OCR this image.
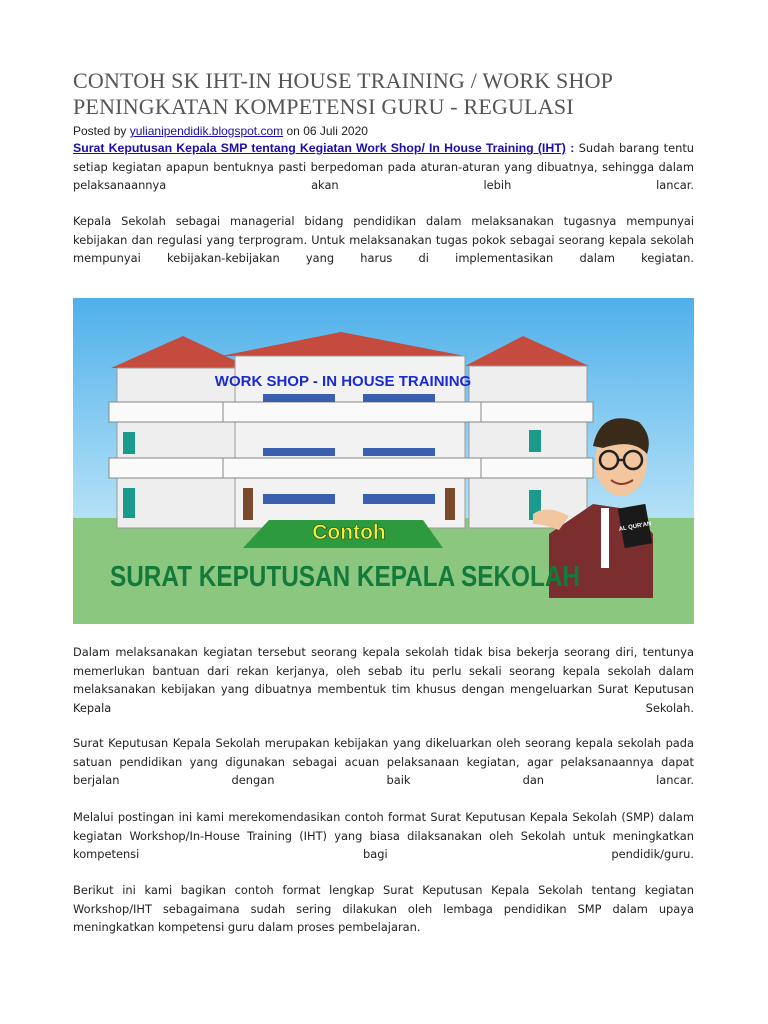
CONTOH SK IHT-IN HOUSE TRAINING / WORK SHOP PENINGKATAN KOMPETENSI GURU - REGULASI
Posted by yulianipendidik.blogspot.com on 06 Juli 2020

Surat Keputusan Kepala SMP tentang Kegiatan Work Shop/ In House Training (IHT) : Sudah barang tentu setiap kegiatan apapun bentuknya pasti berpedoman pada aturan-aturan yang dibuatnya, sehingga dalam pelaksanaannya akan lebih lancar.

Kepala Sekolah sebagai managerial bidang pendidikan dalam melaksanakan tugasnya mempunyai kebijakan dan regulasi yang terprogram. Untuk melaksanakan tugas pokok sebagai seorang kepala sekolah mempunyai kebijakan-kebijakan yang harus di implementasikan dalam kegiatan.

WORK SHOP - IN HOUSE TRAINING
AL QUR'AN
Contoh
SURAT KEPUTUSAN KEPALA SEKOLAH

Dalam melaksanakan kegiatan tersebut seorang kepala sekolah tidak bisa bekerja seorang diri, tentunya memerlukan bantuan dari rekan kerjanya, oleh sebab itu perlu sekali seorang kepala sekolah dalam melaksanakan kebijakan yang dibuatnya membentuk tim khusus dengan mengeluarkan Surat Keputusan Kepala Sekolah.

Surat Keputusan Kepala Sekolah merupakan kebijakan yang dikeluarkan oleh seorang kepala sekolah pada satuan pendidikan yang digunakan sebagai acuan pelaksanaan kegiatan, agar pelaksanaannya dapat berjalan dengan baik dan lancar.

Melalui postingan ini kami merekomendasikan contoh format Surat Keputusan Kepala Sekolah (SMP) dalam kegiatan Workshop/In-House Training (IHT) yang biasa dilaksanakan oleh Sekolah untuk meningkatkan kompetensi bagi pendidik/guru.

Berikut ini kami bagikan contoh format lengkap Surat Keputusan Kepala Sekolah tentang kegiatan Workshop/IHT sebagaimana sudah sering dilakukan oleh lembaga pendidikan SMP dalam upaya meningkatkan kompetensi guru dalam proses pembelajaran.
